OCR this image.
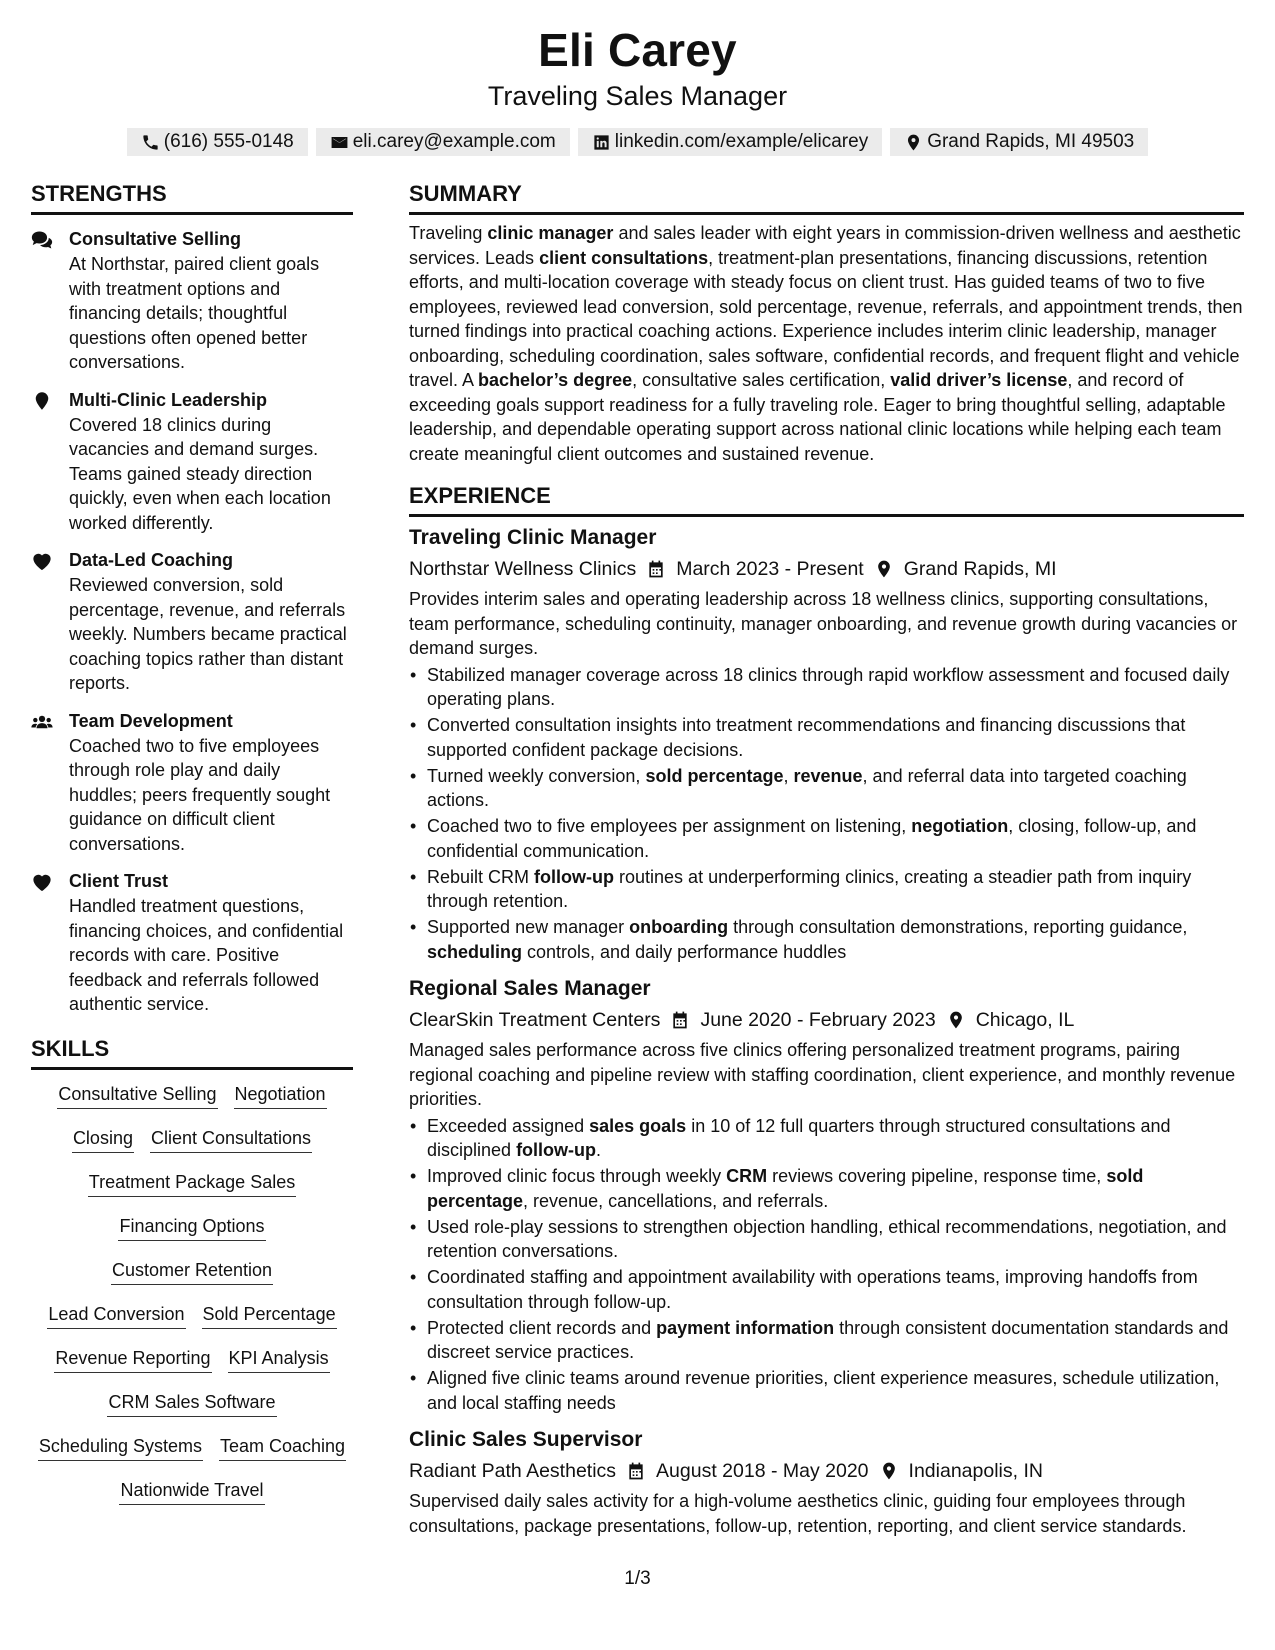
Eli Carey
Traveling Sales Manager
(616) 555-0148	eli.carey@example.com	linkedin.com/example/elicarey	Grand Rapids, MI 49503
STRENGTHS
Consultative Selling
At Northstar, paired client goals with treatment options and financing details; thoughtful questions often opened better conversations.
Multi-Clinic Leadership
Covered 18 clinics during vacancies and demand surges. Teams gained steady direction quickly, even when each location worked differently.
Data-Led Coaching
Reviewed conversion, sold percentage, revenue, and referrals weekly. Numbers became practical coaching topics rather than distant reports.
Team Development
Coached two to five employees through role play and daily huddles; peers frequently sought guidance on difficult client conversations.
Client Trust
Handled treatment questions, financing choices, and confidential records with care. Positive feedback and referrals followed authentic service.
SKILLS
Consultative Selling Negotiation
Closing Client Consultations
Treatment Package Sales
Financing Options
Customer Retention
Lead Conversion Sold Percentage
Revenue Reporting KPI Analysis
CRM Sales Software
Scheduling Systems Team Coaching
Nationwide Travel
SUMMARY
Traveling clinic manager and sales leader with eight years in commission-driven wellness and aesthetic services. Leads client consultations, treatment-plan presentations, financing discussions, retention efforts, and multi-location coverage with steady focus on client trust. Has guided teams of two to five employees, reviewed lead conversion, sold percentage, revenue, referrals, and appointment trends, then turned findings into practical coaching actions. Experience includes interim clinic leadership, manager onboarding, scheduling coordination, sales software, confidential records, and frequent flight and vehicle travel. A bachelor’s degree, consultative sales certification, valid driver’s license, and record of exceeding goals support readiness for a fully traveling role. Eager to bring thoughtful selling, adaptable leadership, and dependable operating support across national clinic locations while helping each team create meaningful client outcomes and sustained revenue.
EXPERIENCE
Traveling Clinic Manager
Northstar Wellness Clinics March 2023 - Present Grand Rapids, MI
Provides interim sales and operating leadership across 18 wellness clinics, supporting consultations, team performance, scheduling continuity, manager onboarding, and revenue growth during vacancies or demand surges.
• Stabilized manager coverage across 18 clinics through rapid workflow assessment and focused daily operating plans.
• Converted consultation insights into treatment recommendations and financing discussions that supported confident package decisions.
• Turned weekly conversion, sold percentage, revenue, and referral data into targeted coaching actions.
• Coached two to five employees per assignment on listening, negotiation, closing, follow-up, and confidential communication.
• Rebuilt CRM follow-up routines at underperforming clinics, creating a steadier path from inquiry through retention.
• Supported new manager onboarding through consultation demonstrations, reporting guidance, scheduling controls, and daily performance huddles
Regional Sales Manager
ClearSkin Treatment Centers June 2020 - February 2023 Chicago, IL
Managed sales performance across five clinics offering personalized treatment programs, pairing regional coaching and pipeline review with staffing coordination, client experience, and monthly revenue priorities.
• Exceeded assigned sales goals in 10 of 12 full quarters through structured consultations and disciplined follow-up.
• Improved clinic focus through weekly CRM reviews covering pipeline, response time, sold percentage, revenue, cancellations, and referrals.
• Used role-play sessions to strengthen objection handling, ethical recommendations, negotiation, and retention conversations.
• Coordinated staffing and appointment availability with operations teams, improving handoffs from consultation through follow-up.
• Protected client records and payment information through consistent documentation standards and discreet service practices.
• Aligned five clinic teams around revenue priorities, client experience measures, schedule utilization, and local staffing needs
Clinic Sales Supervisor
Radiant Path Aesthetics August 2018 - May 2020 Indianapolis, IN
Supervised daily sales activity for a high-volume aesthetics clinic, guiding four employees through consultations, package presentations, follow-up, retention, reporting, and client service standards.
1/3
